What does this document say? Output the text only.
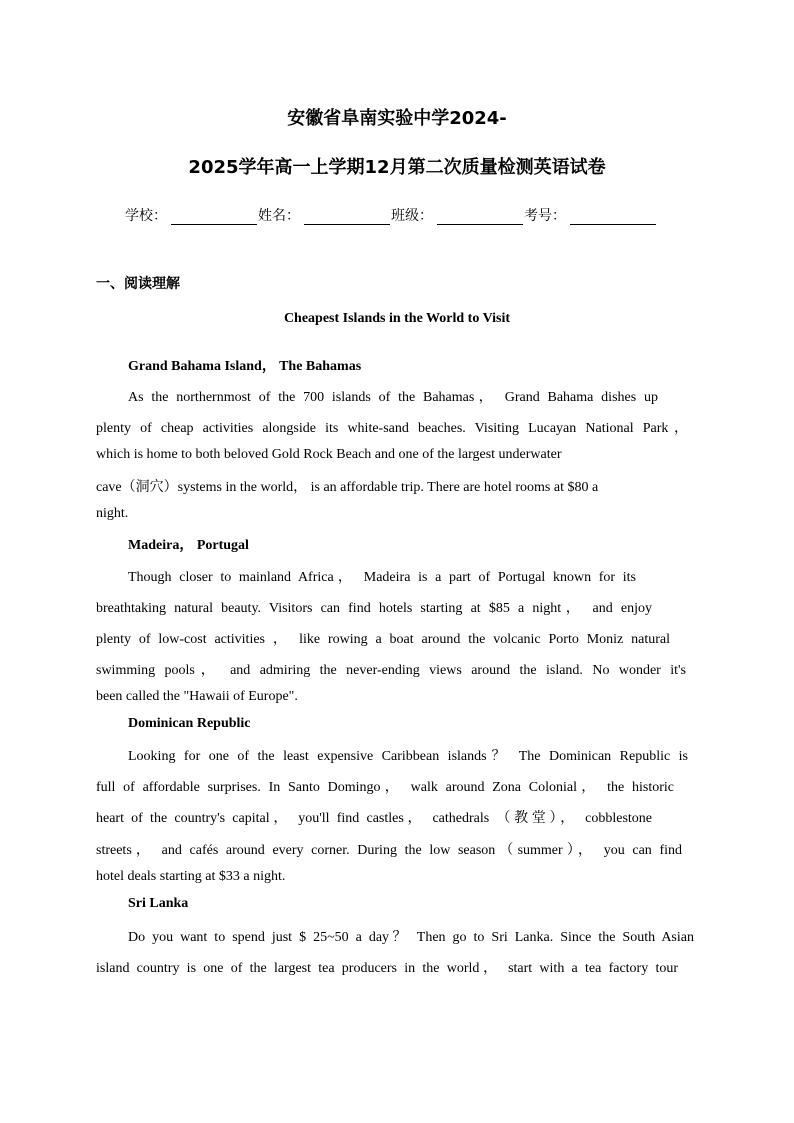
安徽省阜南实验中学2024-
2025学年高一上学期12月第二次质量检测英语试卷
学校：	姓名：	班级：	考号：
一、阅读理解
Cheapest Islands in the World to Visit
Grand Bahama Island， The Bahamas
As the northernmost of the 700 islands of the Bahamas， Grand Bahama dishes up
plenty of cheap activities alongside its white-sand beaches. Visiting Lucayan National Park，
which is home to both beloved Gold Rock Beach and one of the largest underwater
cave（洞穴）systems in the world， is an affordable trip. There are hotel rooms at $80 a
night.
Madeira， Portugal
Though closer to mainland Africa， Madeira is a part of Portugal known for its
breathtaking natural beauty. Visitors can find hotels starting at $85 a night， and enjoy
plenty of low-cost activities ， like rowing a boat around the volcanic Porto Moniz natural
swimming pools， and admiring the never-ending views around the island. No wonder it's
been called the "Hawaii of Europe".
Dominican Republic
Looking for one of the least expensive Caribbean islands？ The Dominican Republic is
full of affordable surprises. In Santo Domingo， walk around Zona Colonial， the historic
heart of the country's capital， you'll find castles， cathedrals （教堂）， cobblestone
streets， and cafés around every corner. During the low season（summer）， you can find
hotel deals starting at $33 a night.
Sri Lanka
Do you want to spend just $ 25~50 a day？ Then go to Sri Lanka. Since the South Asian
island country is one of the largest tea producers in the world， start with a tea factory tour
